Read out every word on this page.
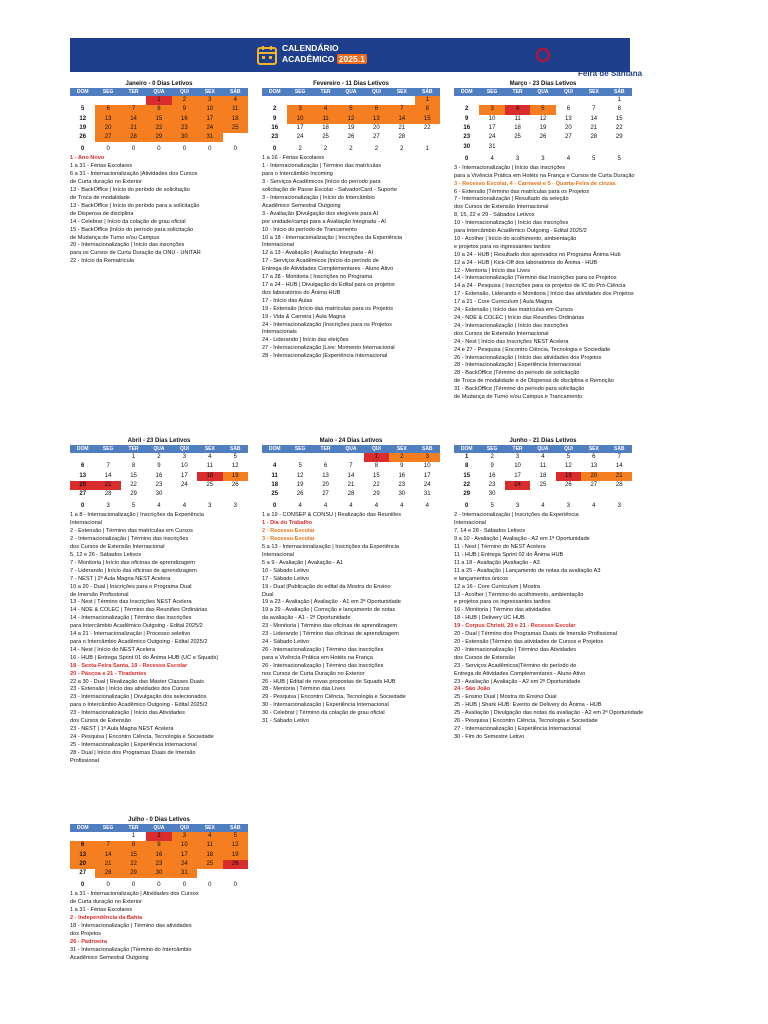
CALENDÁRIO
ACADÊMICO 2025.1	UNIFACS
Feira de Santana
Janeiro - 0 Dias Letivos
DOM	SEG	TER	QUA	QUI	SEX	SÁB
			1	2	3	4
5	6	7	8	9	10	11
12	13	14	15	16	17	18
19	20	21	22	23	24	25
26	27	28	29	30	31	
0	0	0	0	0	0	0
1 - Ano Novo
1 a 31 - Férias Escolares
6 a 31 - Internacionalização |Atividades dos Cursos
de Curta duração no Exterior
13 - BackOffice | Início do período de solicitação
de Troca de modalidade
13 - BackOffice | Início do período para a solicitação
de Dispensa de disciplina
14 - Celebrar | Início da colação de grau oficial
15 - BackOffice |Início do período para solicitação
de Mudança de Turno e/ou Campus
20 - Internacionalização | Início das inscrições
para os Cursos de Curta Duração da ONU - UNITAR
22 - Início da Rematrícula
Fevereiro - 11 Dias Letivos
DOM	SEG	TER	QUA	QUI	SEX	SÁB
						1
2	3	4	5	6	7	8
9	10	11	12	13	14	15
16	17	18	19	20	21	22
23	24	25	26	27	28	
0	2	2	2	2	2	1
1 a 16 - Férias Escolares
1 - Internacionalização | Término das matrículas
para o Intercâmbio Incoming
3 - Serviços Acadêmicos |Início do período para
solicitação de Passe Escolar - SalvadorCard - Suporte
3 - Internacionalização | Início do Intercâmbio
Acadêmico Semestral Outgoing
3 - Avaliação |Divulgação dos elegíveis para AI
por unidade/campi para a Avaliação Integrada - AI
10 - Início do período de Trancamento
10 a 18 - Internacionalização | Inscrições da Experiência
Internacional
12 a 13 - Avaliação | Avaliação Integrada - AI
17 - Serviços Acadêmicos |Início do período de
Entrega de Atividades Complementares - Aluno Ativo
17 a 28 - Monitoria | Inscrições no Programa
17 a 24 - HUB | Divulgação do Edital para os projetos
dos laboratórios do Ânima HUB
17 - Início das Aulas
19 - Extensão |Início das matrículas para os Projetos
19 - Vida & Carreira | Aula Magna
24 - Internacionalização |Inscrições para os Projetos
Internacionais
24 - Liderando | Início das eleições
27 - Internacionalização |Live: Momento Internacional
28 - Internacionalização |Experiência Internacional
Março - 23 Dias Letivos
DOM	SEG	TER	QUA	QUI	SEX	SÁB
						1
2	3	4	5	6	7	8
9	10	11	12	13	14	15
16	17	18	19	20	21	22
23	24	25	26	27	28	29
30	31					
0	4	3	3	4	5	5
3 - Internacionalização | Início das inscrições
para a Vivência Prática em Hotéis na França e Cursos de Curta Duração
3 - Recesso Escolar, 4 - Carnaval e 5 - Quarta-Feira de cinzas
6 - Extensão |Término das matrículas para os Projetos
7 - Internacionalização | Resultado da seleção
dos Cursos de Extensão Internacional
8, 15, 22 e 29 - Sábados Letivos
10 - Internacionalização | Início das inscrições
para Intercâmbio Acadêmico Outgoing - Edital 2025/2
10 - Acolher | Início do acolhimento, ambientação
e projetos para os ingressantes tardios
10 a 24 - HUB | Resultado dos aprovados no Programa Ânima Hub
12 a 24 - HUB | Kick-Off dos laboratórios do Ânima - HUB
12 - Mentoria | Início das Lives
14 - Internacionalização |Término das Inscrições para os Projetos
14 a 24 - Pesquisa | Inscrições para os projetos de IC do Pró-Ciência
17 - Extensão, Liderando e Monitoria | Início das atividades dos Projetos
17 a 21 - Core Curriculum | Aula Magna
24 - Extensão | Início das matrículas em Cursos
24 - NDE & COLEC | Início das Reuniões Ordinárias
24 - Internacionalização | Início das inscrições
dos Cursos de Extensão Internacional
24 - Nest | Início das Inscrições NEST Acelera
24 e 27 - Pesquisa | Encontro Ciência, Tecnologia e Sociedade
26 - Internacionalização | Início das atividades dos Projetos
28 - Internacionalização | Experiência Internacional
28 - BackOffice |Término do período de solicitação
de Troca de modalidade e de Dispensa de disciplina e Remoção
31 - BackOffice |Término do período para solicitação
de Mudança de Turno e/ou Campus e Trancamento
Abril - 23 Dias Letivos
DOM	SEG	TER	QUA	QUI	SEX	SÁB
		1	2	3	4	5
6	7	8	9	10	11	12
13	14	15	16	17	18	19
20	21	22	23	24	25	26
27	28	29	30			
0	3	5	4	4	3	3
1 a 8 - Internacionalização | Inscrições da Experiência
Internacional
2 - Extensão | Término das matrículas em Cursos
2 - Internacionalização | Término das inscrições
dos Cursos de Extensão Internacional
5, 12 e 26 - Sábados Letivos
7 - Monitoria | Início das oficinas de aprendizagem
7 - Liderando | Início das oficinas de aprendizagem
7 - NEST | 2ª Aula Magna NEST Acelera
10 a 20 - Dual | Inscrições para o Programa Dual
de Imersão Profissional
13 - Nest | Término das Inscrições NEST Acelera
14 - NDE & COLEC | Término das Reuniões Ordinárias
14 - Internacionalização | Término das inscrições
para Intercâmbio Acadêmico Outgoing - Edital 2025/2
14 a 21 - Internacionalização | Processo seletivo
para o Intercâmbio Acadêmico Outgoing - Edital 2025/2
14 - Nest | Início do NEST Acelera
16 - HUB | Entrega Sprint 01 do Ânima HUB (UC e Squads)
18 - Sexta-Feira Santa, 19 - Recesso Escolar
20 - Páscoa e 21 - Tiradentes
22 a 30 - Dual | Realização das Master Classes Duais
23 - Extensão | Início das atividades dos Cursos
23 - Internacionalização | Divulgação dos selecionados
para o Intercâmbio Acadêmico Outgoing - Edital 2025/2
23 - Internacionalização | Início das Atividades
dos Cursos de Extensão
23 - NEST | 1ª Aula Magna NEST Acelera
24 - Pesquisa | Encontro Ciência, Tecnologia e Sociedade
25 - Internacionalização | Experiência Internacional
28 - Dual | Início dos Programas Duais de Imersão
Profissional
Maio - 24 Dias Letivos
DOM	SEG	TER	QUA	QUI	SEX	SÁB
				1	2	3
4	5	6	7	8	9	10
11	12	13	14	15	16	17
18	19	20	21	22	23	24
25	26	27	28	29	30	31
0	4	4	4	4	4	4
1 a 19 - CONSEP & CONSU | Realização das Reuniões
1 - Dia do Trabalho
2 - Recesso Escolar
3 - Recesso Escolar
5 a 13 - Internacionalização | Inscrições da Experiência
Internacional
5 a 9 - Avaliação | Avaliação - A1
10 - Sábado Letivo
17 - Sábado Letivo
19 - Dual |Publicação do edital da Mostra do Ensino
Dual
19 a 23 - Avaliação | Avaliação - A1 em 2ª Oportunidade
19 a 29 - Avaliação | Correção e lançamento de notas
da avaliação - A1 - 2ª Oportunidade
23 - Monitoria | Término das oficinas de aprendizagem
23 - Liderando | Término das oficinas de aprendizagem
24 - Sábado Letivo
26 - Internacionalização | Término das inscrições
para a Vivência Prática em Hotéis na França
26 - Internacionalização | Término das inscrições
nos Cursos de Curta Duração no Exterior
26 - HUB | Edital de novas propostas de Squads HUB
28 - Mentoria | Término das Lives
29 - Pesquisa | Encontro Ciência, Tecnologia e Sociedade
30 - Internacionalização | Experiência Internacional
30 - Celebrar | Término da colação de grau oficial
31 - Sábado Letivo
Junho - 21 Dias Letivos
DOM	SEG	TER	QUA	QUI	SEX	SÁB
1	2	3	4	5	6	7
8	9	10	11	12	13	14
15	16	17	18	19	20	21
22	23	24	25	26	27	28
29	30					
0	5	3	4	3	4	3
2 - Internacionalização | Inscrições da Experiência
Internacional
7, 14 e 28 - Sábados Letivos
9 a 10 - Avaliação | Avaliação - A2 em 1ª Oportunidade
11 - Nest | Término do NEST Acelera
11 - HUB | Entrega Sprint 02 do Ânima HUB
11 a 18 - Avaliação |Avaliação - A3
11 a 25 - Avaliação | Lançamento de notas da avaliação A3
e lançamentos únicos
12 a 16 - Core Curriculum | Mostra
13 - Acolher | Término do acolhimento, ambientação
e projetos para os ingressantes tardios
16 - Monitoria | Término das atividades
18 - HUB | Delivery UC HUB
19 - Corpus Christi, 20 e 21 - Recesso Escolar
20 - Dual | Término dos Programas Duais de Imersão Profissional
20 - Extensão |Término das atividades de Cursos e Projetos
20 - Internacionalização | Término das Atividades
dos Cursos de Extensão
23 - Serviços Acadêmicos|Término do período de
Entrega de Atividades Complementares - Aluno Ativo
23 - Avaliação | Avaliação - A2 em 2ª Oportunidade
24 - São João
25 - Ensino Dual | Mostra do Ensino Dual
25 - HUB | Shark HUB: Evento de Delivery do Ânima - HUB
25 - Avaliação | Divulgação das notas da avaliação - A2 em 2ª Oportunidade
26 - Pesquisa | Encontro Ciência, Tecnologia e Sociedade
27 - Internacionalização | Experiência Internacional
30 - Fim do Semestre Letivo
Julho - 0 Dias Letivos
DOM	SEG	TER	QUA	QUI	SEX	SÁB
		1	2	3	4	5
6	7	8	9	10	11	12
13	14	15	16	17	18	19
20	21	22	23	24	25	26
27	28	29	30	31		
0	0	0	0	0	0	0
1 a 31 - Internacionalização | Atividades dos Cursos
de Curta duração no Exterior
1 a 31 - Férias Escolares
2 - Independência da Bahia
18 - Internacionalização | Término das atividades
dos Projetos
26 - Padroeira
31 - Internacionalização |Término do Intercâmbio
Acadêmico Semestral Outgoing
